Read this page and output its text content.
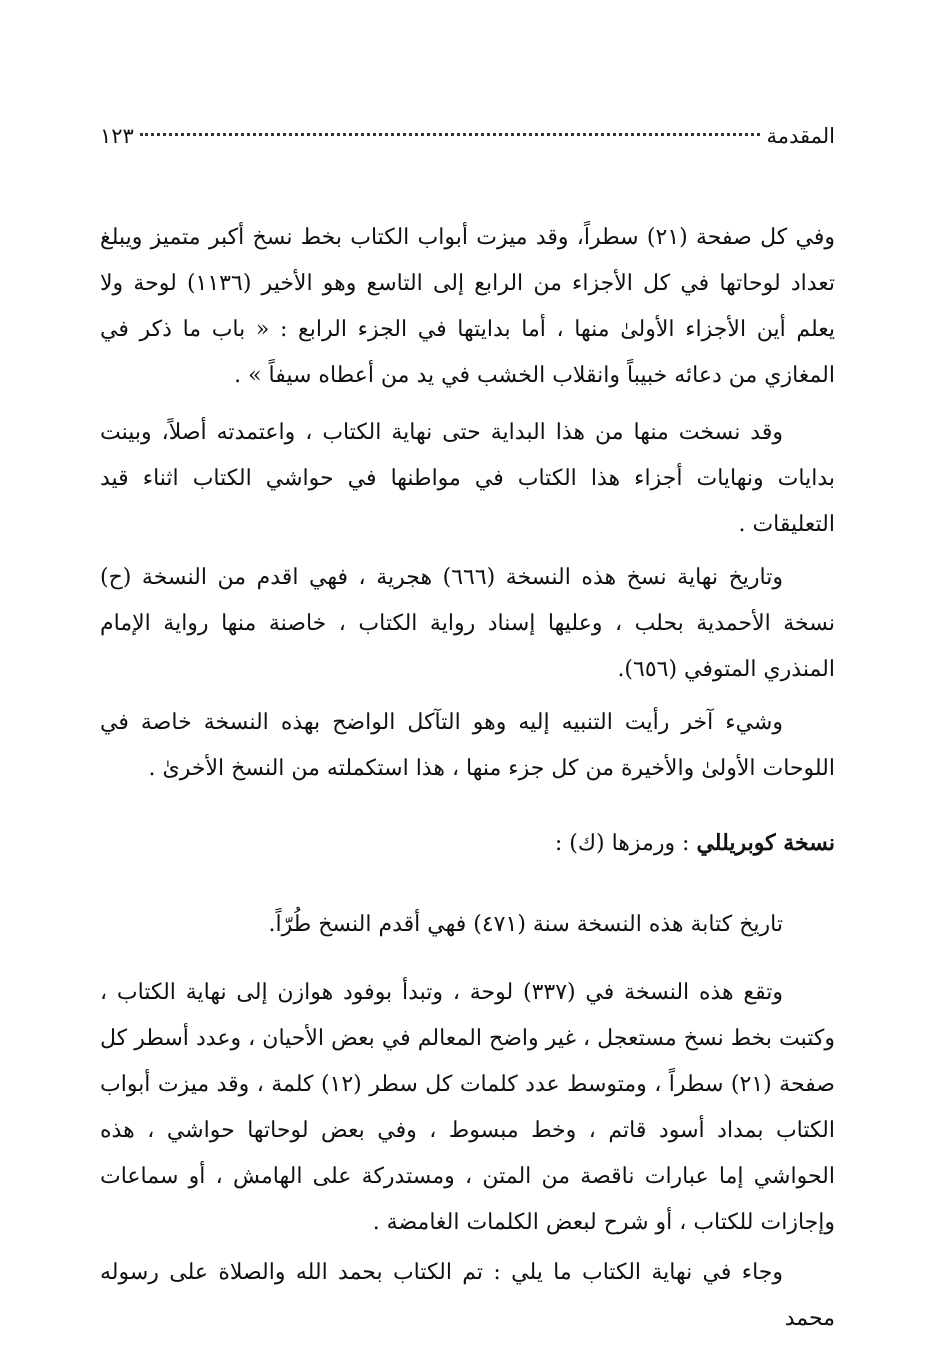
المقدمة
١٢٣

وفي كل صفحة (٢١) سطراً، وقد ميزت أبواب الكتاب بخط نسخ أكبر متميز ويبلغ تعداد لوحاتها في كل الأجزاء من الرابع إلى التاسع وهو الأخير (١١٣٦) لوحة ولا يعلم أين الأجزاء الأولىٰ منها ، أما بدايتها في الجزء الرابع : « باب ما ذكر في المغازي من دعائه خبيباً وانقلاب الخشب في يد من أعطاه سيفاً » .

وقد نسخت منها من هذا البداية حتى نهاية الكتاب ، واعتمدته أصلاً، وبينت بدايات ونهايات أجزاء هذا الكتاب في مواطنها في حواشي الكتاب اثناء قيد التعليقات .

وتاريخ نهاية نسخ هذه النسخة (٦٦٦) هجرية ، فهي اقدم من النسخة (ح) نسخة الأحمدية بحلب ، وعليها إسناد رواية الكتاب ، خاصنة منها رواية الإمام المنذري المتوفي (٦٥٦).

وشيء آخر رأيت التنبيه إليه وهو التآكل الواضح بهذه النسخة خاصة في اللوحات الأولىٰ والأخيرة من كل جزء منها ، هذا استكملته من النسخ الأخرىٰ .

نسخة كوبريللي : ورمزها (ك) :

تاريخ كتابة هذه النسخة سنة (٤٧١) فهي أقدم النسخ طُرّاً.

وتقع هذه النسخة في (٣٣٧) لوحة ، وتبدأ بوفود هوازن إلى نهاية الكتاب ، وكتبت بخط نسخ مستعجل ، غير واضح المعالم في بعض الأحيان ، وعدد أسطر كل صفحة (٢١) سطراً ، ومتوسط عدد كلمات كل سطر (١٢) كلمة ، وقد ميزت أبواب الكتاب بمداد أسود قاتم ، وخط مبسوط ، وفي بعض لوحاتها حواشي ، هذه الحواشي إما عبارات ناقصة من المتن ، ومستدركة على الهامش ، أو سماعات وإجازات للكتاب ، أو شرح لبعض الكلمات الغامضة .

وجاء في نهاية الكتاب ما يلي : تم الكتاب بحمد الله والصلاة على رسوله محمد
